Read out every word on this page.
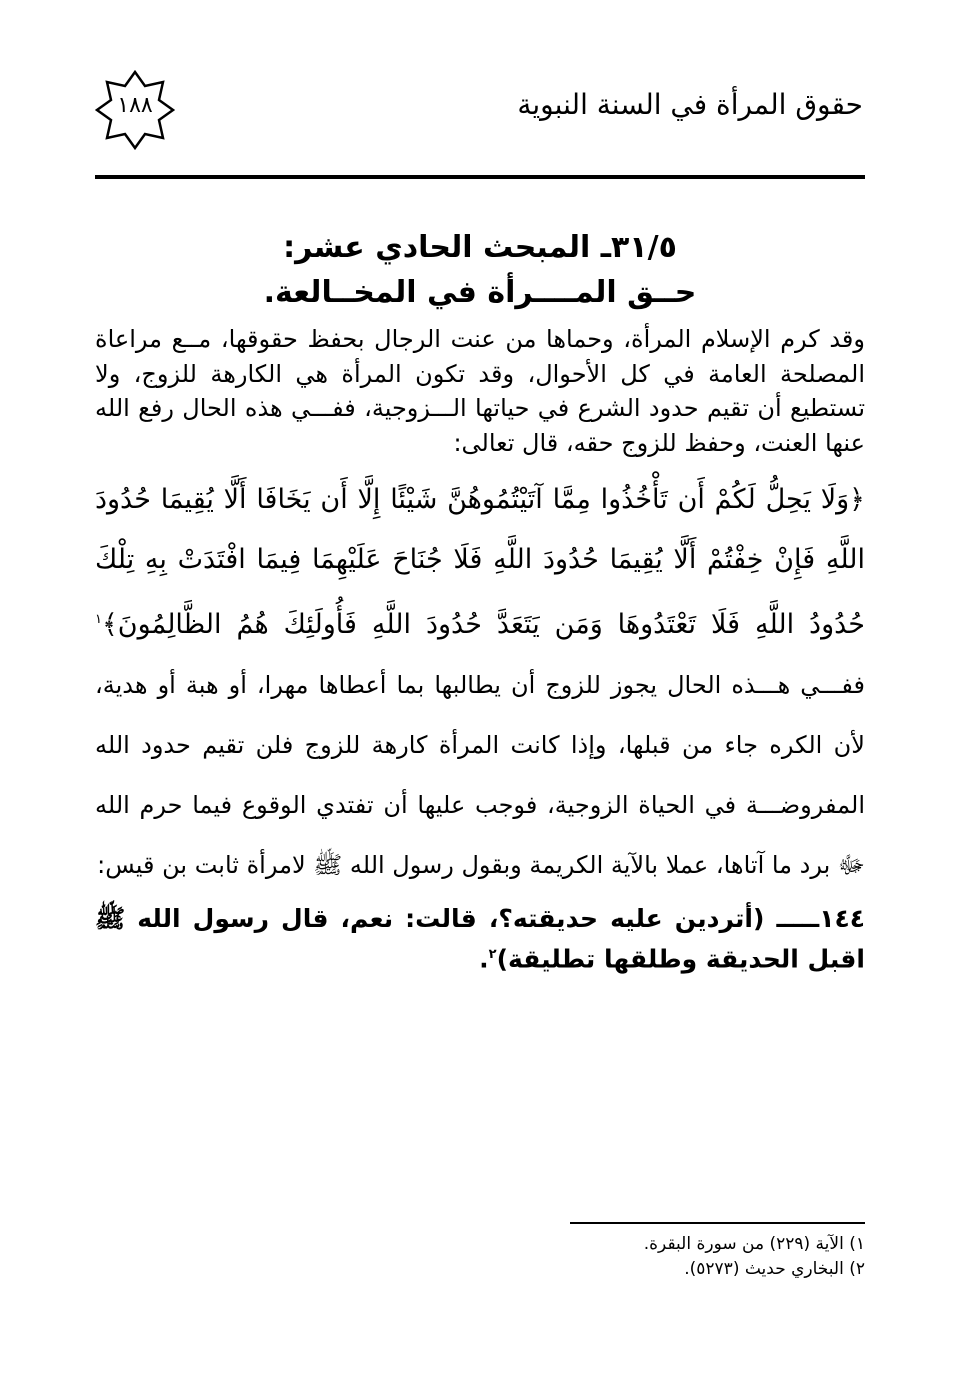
حقوق المرأة في السنة النبوية
١٨٨
٣١/٥ـ المبحث الحادي عشر:
حــق المــــرأة في المخــالعة.

وقد كرم الإسلام المرأة، وحماها من عنت الرجال بحفظ حقوقها، مــع مراعاة المصلحة العامة في كل الأحوال، وقد تكون المرأة هي الكارهة للزوج، ولا تستطيع أن تقيم حدود الشرع في حياتها الـــزوجية، ففـــي هذه الحال رفع الله عنها العنت، وحفظ للزوج حقه، قال تعالى:

﴿وَلَا يَحِلُّ لَكُمْ أَن تَأْخُذُوا مِمَّا آتَيْتُمُوهُنَّ شَيْئًا إِلَّا أَن يَخَافَا أَلَّا يُقِيمَا حُدُودَ اللَّهِ فَإِنْ خِفْتُمْ أَلَّا يُقِيمَا حُدُودَ اللَّهِ فَلَا جُنَاحَ عَلَيْهِمَا فِيمَا افْتَدَتْ بِهِ تِلْكَ حُدُودُ اللَّهِ فَلَا تَعْتَدُوهَا وَمَن يَتَعَدَّ حُدُودَ اللَّهِ فَأُولَئِكَ هُمُ الظَّالِمُونَ﴾$^١$ ففـــي هـــذه الحال يجوز للزوج أن يطالبها بما أعطاها مهرا، أو هبة أو هدية، لأن الكره جاء من قبلها، وإذا كانت المرأة كارهة للزوج فلن تقيم حدود الله المفروضـــة في الحياة الزوجية، فوجب عليها أن تفتدي الوقوع فيما حرم الله ﷻ برد ما آتاها، عملا بالآية الكريمة وبقول رسول الله ﷺ لامرأة ثابت بن قيس:

١٤٤ـــــ (أتردين عليه حديقته؟، قالت: نعم، قال رسول الله ﷺ اقبل الحديقة وطلقها تطليقة)$^٢$.

١) الآية (٢٢٩) من سورة البقرة.
٢) البخاري حديث (٥٢٧٣).
